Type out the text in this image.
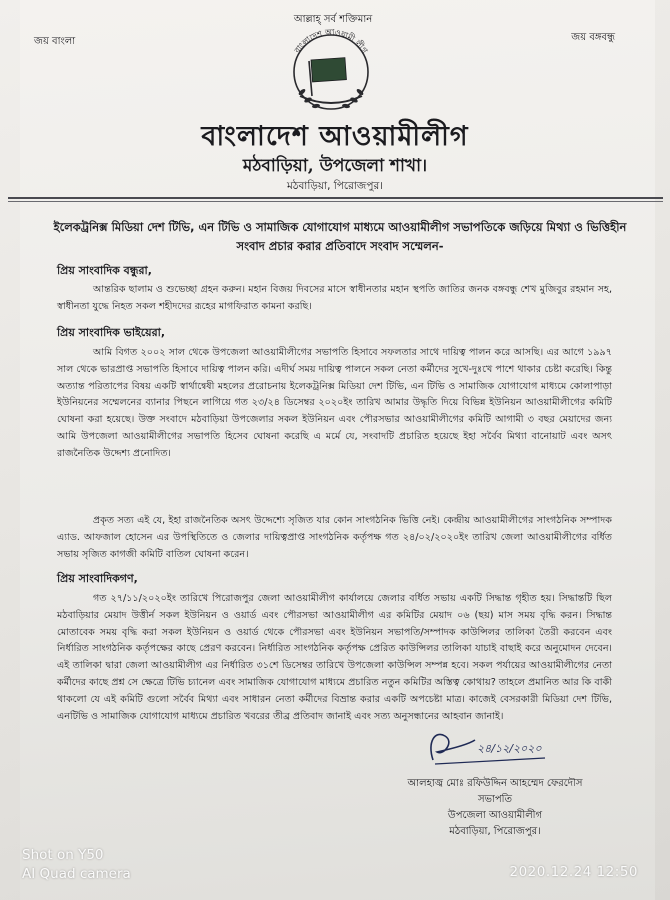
আল্লাহ্‌ সর্ব শক্তিমান
জয় বাংলা	জয় বঙ্গবন্ধু
বাংলাদেশ আওয়ামী লীগ
বাংলাদেশ আওয়ামীলীগ
মঠবাড়িয়া, উপজেলা শাখা।
মঠবাড়িয়া, পিরোজপুর।
ইলেকট্রনিক্স মিডিয়া দেশ টিভি, এন টিভি ও সামাজিক যোগাযোগ মাধ্যমে আওয়ামীলীগ সভাপতিকে জড়িয়ে মিথ্যা ও ভিত্তিহীন সংবাদ প্রচার করার প্রতিবাদে সংবাদ সম্মেলন-
প্রিয় সাংবাদিক বন্ধুরা,
আন্তরিক ছালাম ও শুভেচ্ছা গ্রহন করুন। মহান বিজয় দিবসের মাসে স্বাধীনতার মহান স্থপতি জাতির জনক বঙ্গবন্ধু শেখ মুজিবুর রহমান সহ, স্বাধীনতা যুদ্ধে নিহত সকল শহীদদের রূহের মাগফিরাত কামনা করছি।
প্রিয় সাংবাদিক ভাইয়েরা,
আমি বিগত ২০০২ সাল থেকে উপজেলা আওয়ামীলীগের সভাপতি হিসাবে সফলতার সাথে দায়িত্ব পালন করে আসছি। এর আগে ১৯৯৭ সাল থেকে ভারপ্রাপ্ত সভাপতি হিসাবে দায়িত্ব পালন করি। এদীর্ঘ সময় দায়িত্ব পালনে সকল নেতা কর্মীদের সুখে-দুঃখে পাশে থাকার চেষ্টা করেছি। কিন্তু অত্যান্ত পরিতাপের বিষয় একটি স্বার্থান্বেষী মহলের প্ররোচনায় ইলেকট্রনিক্স মিডিয়া দেশ টিভি, এন টিভি ও সামাজিক যোগাযোগ মাধ্যমে কোলাপাড়া ইউনিয়নের সম্মেলনের ব্যানার পিছনে লাগিয়ে গত ২৩/২৪ ডিসেম্বর ২০২০ইং তারিখ আমার উদ্ধৃতি দিয়ে বিভিন্ন ইউনিয়ন আওয়ামীলীগের কমিটি ঘোষনা করা হয়েছে। উক্ত সংবাদে মঠবাড়িয়া উপজেলার সকল ইউনিয়ন এবং পৌরসভার আওয়ামীলীগের কমিটি আগামী ৩ বছর মেয়াদের জন্য আমি উপজেলা আওয়ামীলীগের সভাপতি হিসেব ঘোষনা করেছি এ মর্মে যে, সংবাদটি প্রচারিত হয়েছে ইহা সর্বৈব মিথ্যা বানোয়াট এবং অসৎ রাজনৈতিক উদ্দেশ্য প্রনোদিত।
প্রকৃত সত্য এই যে, ইহা রাজনৈতিক অসৎ উদ্দেশ্যে সৃজিত যার কোন সাংগঠনিক ভিত্তি নেই। কেন্দ্রীয় আওয়ামীলীগের সাংগঠনিক সম্পাদক এ্যাড. আফজাল হোসেন এর উপস্থিতিতে ও জেলার দায়িত্বপ্রাপ্ত সাংগঠনিক কর্তৃপক্ষ গত ২৪/০২/২০২০ইং তারিখ জেলা আওয়ামীলীগের বর্ধিত সভায় সৃজিত কাগজী কমিটি বাতিল ঘোষনা করেন।
প্রিয় সাংবাদিকগণ,
গত ২৭/১১/২০২০ইং তারিখে পিরোজপুর জেলা আওয়ামীলীগ কার্যালয়ে জেলার বর্ধিত সভায় একটি সিদ্ধান্ত গৃহীত হয়। সিদ্ধান্তটি ছিল মঠবাড়িয়ার মেয়াদ উত্তীর্ন সকল ইউনিয়ন ও ওয়ার্ড এবং পৌরসভা আওয়ামীলীগ এর কমিটির মেয়াদ ০৬ (ছয়) মাস সময় বৃদ্ধি করন। সিদ্ধান্ত মোতাবেক সময় বৃদ্ধি করা সকল ইউনিয়ন ও ওয়ার্ড থেকে পৌরসভা এবং ইউনিয়ন সভাপতি/সম্পাদক কাউন্সিলর তালিকা তৈরী করবেন এবং নির্ধারিত সাংগঠনিক কর্তৃপক্ষের কাছে প্রেরণ করবেন। নির্ধারিত সাংগঠনিক কর্তৃপক্ষ প্রেরিত কাউন্সিলর তালিকা যাচাই বাছাই করে অনুমোদন দেবেন। এই তালিকা দ্বারা জেলা আওয়ামীলীগ এর নির্ধারিত ৩১শে ডিসেম্বর তারিখে উপজেলা কাউন্সিল সম্পন্ন হবে। সকল পর্যায়ের আওয়ামীলীগের নেতা কর্মীদের কাছে প্রশ্ন সে ক্ষেত্রে টিভি চ্যানেল এবং সামাজিক যোগাযোগ মাধ্যমে প্রচারিত নতুন কমিটির অস্তিত্ব কোথায়? তাহলে প্রমানিত আর কি বাকী থাকলো যে এই কমিটি গুলো সর্বৈব মিথ্যা এবং সাধারন নেতা কর্মীদের বিভ্রান্ত করার একটি অপচেষ্টা মাত্র। কাজেই বেসরকারী মিডিয়া দেশ টিভি, এনটিভি ও সামাজিক যোগাযোগ মাধ্যমে প্রচারিত খবরের তীব্র প্রতিবাদ জানাই এবং সত্য অনুসন্ধানের আহবান জানাই।
২৪/১২/২০২০
আলহাজ্ব মোঃ রফিউদ্দিন আহম্মেদ ফেরদৌস
সভাপতি
উপজেলা আওয়ামীলীগ
মঠবাড়িয়া, পিরোজপুর।
Shot on Y50
AI Quad camera	2020.12.24 12:50
